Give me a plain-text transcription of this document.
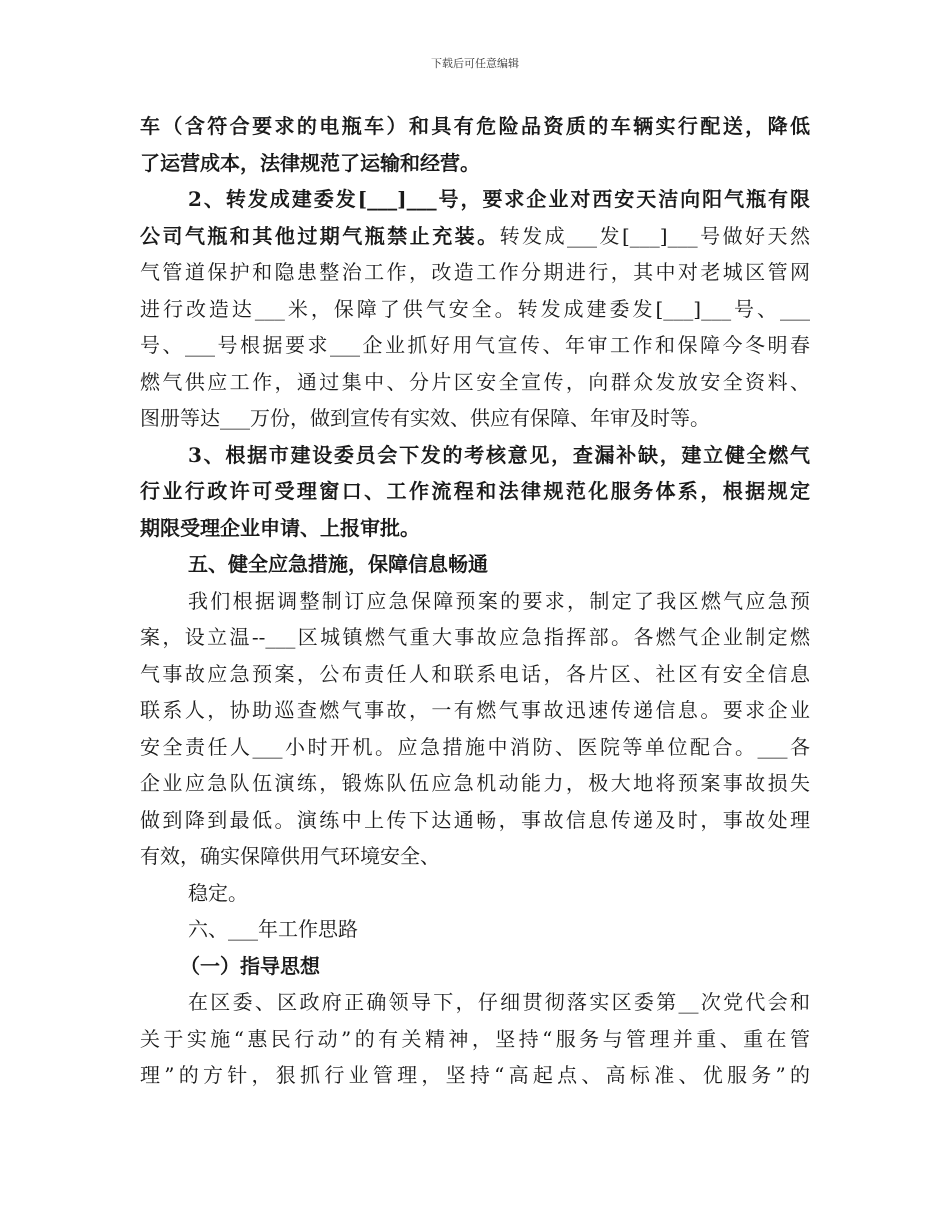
下载后可任意编辑
车（含符合要求的电瓶车）和具有危险品资质的车辆实行配送，降低
了运营成本，法律规范了运输和经营。
2、转发成建委发[___]___号，要求企业对西安天洁向阳气瓶有限
公司气瓶和其他过期气瓶禁止充装。转发成___发[___]___号做好天然
气管道保护和隐患整治工作，改造工作分期进行，其中对老城区管网
进行改造达___米，保障了供气安全。转发成建委发[___]___号、___
号、___号根据要求___企业抓好用气宣传、年审工作和保障今冬明春
燃气供应工作，通过集中、分片区安全宣传，向群众发放安全资料、
图册等达___万份，做到宣传有实效、供应有保障、年审及时等。
3、根据市建设委员会下发的考核意见，查漏补缺，建立健全燃气
行业行政许可受理窗口、工作流程和法律规范化服务体系，根据规定
期限受理企业申请、上报审批。
五、健全应急措施，保障信息畅通
我们根据调整制订应急保障预案的要求，制定了我区燃气应急预
案，设立温--___区城镇燃气重大事故应急指挥部。各燃气企业制定燃
气事故应急预案，公布责任人和联系电话，各片区、社区有安全信息
联系人，协助巡查燃气事故，一有燃气事故迅速传递信息。要求企业
安全责任人___小时开机。应急措施中消防、医院等单位配合。___各
企业应急队伍演练，锻炼队伍应急机动能力，极大地将预案事故损失
做到降到最低。演练中上传下达通畅，事故信息传递及时，事故处理
有效，确实保障供用气环境安全、
稳定。
六、___年工作思路
（一）指导思想
在区委、区政府正确领导下，仔细贯彻落实区委第__次党代会和
关于实施“惠民行动”的有关精神，坚持“服务与管理并重、重在管
理”的方针，狠抓行业管理，坚持“高起点、高标准、优服务”的
